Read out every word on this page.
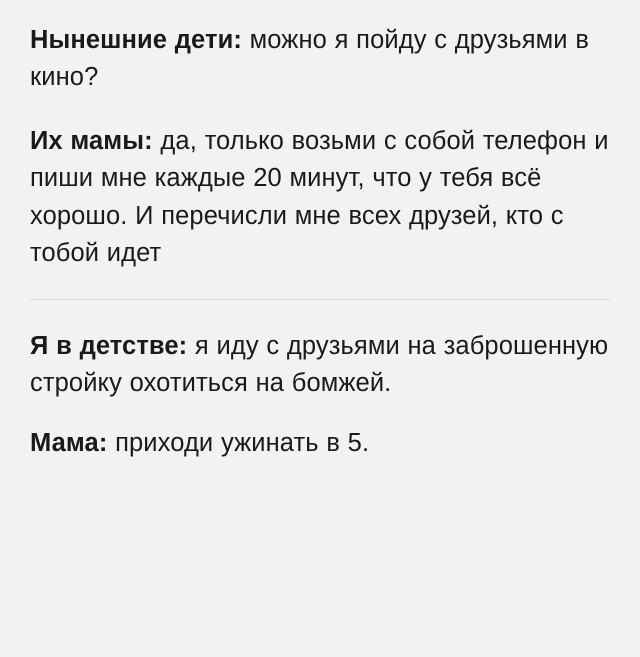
Нынешние дети: можно я пойду с друзьями в кино?

Их мамы: да, только возьми с собой телефон и пиши мне каждые 20 минут, что у тебя всё хорошо. И перечисли мне всех друзей, кто с тобой идет

Я в детстве: я иду с друзьями на заброшенную стройку охотиться на бомжей.

Мама: приходи ужинать в 5.
